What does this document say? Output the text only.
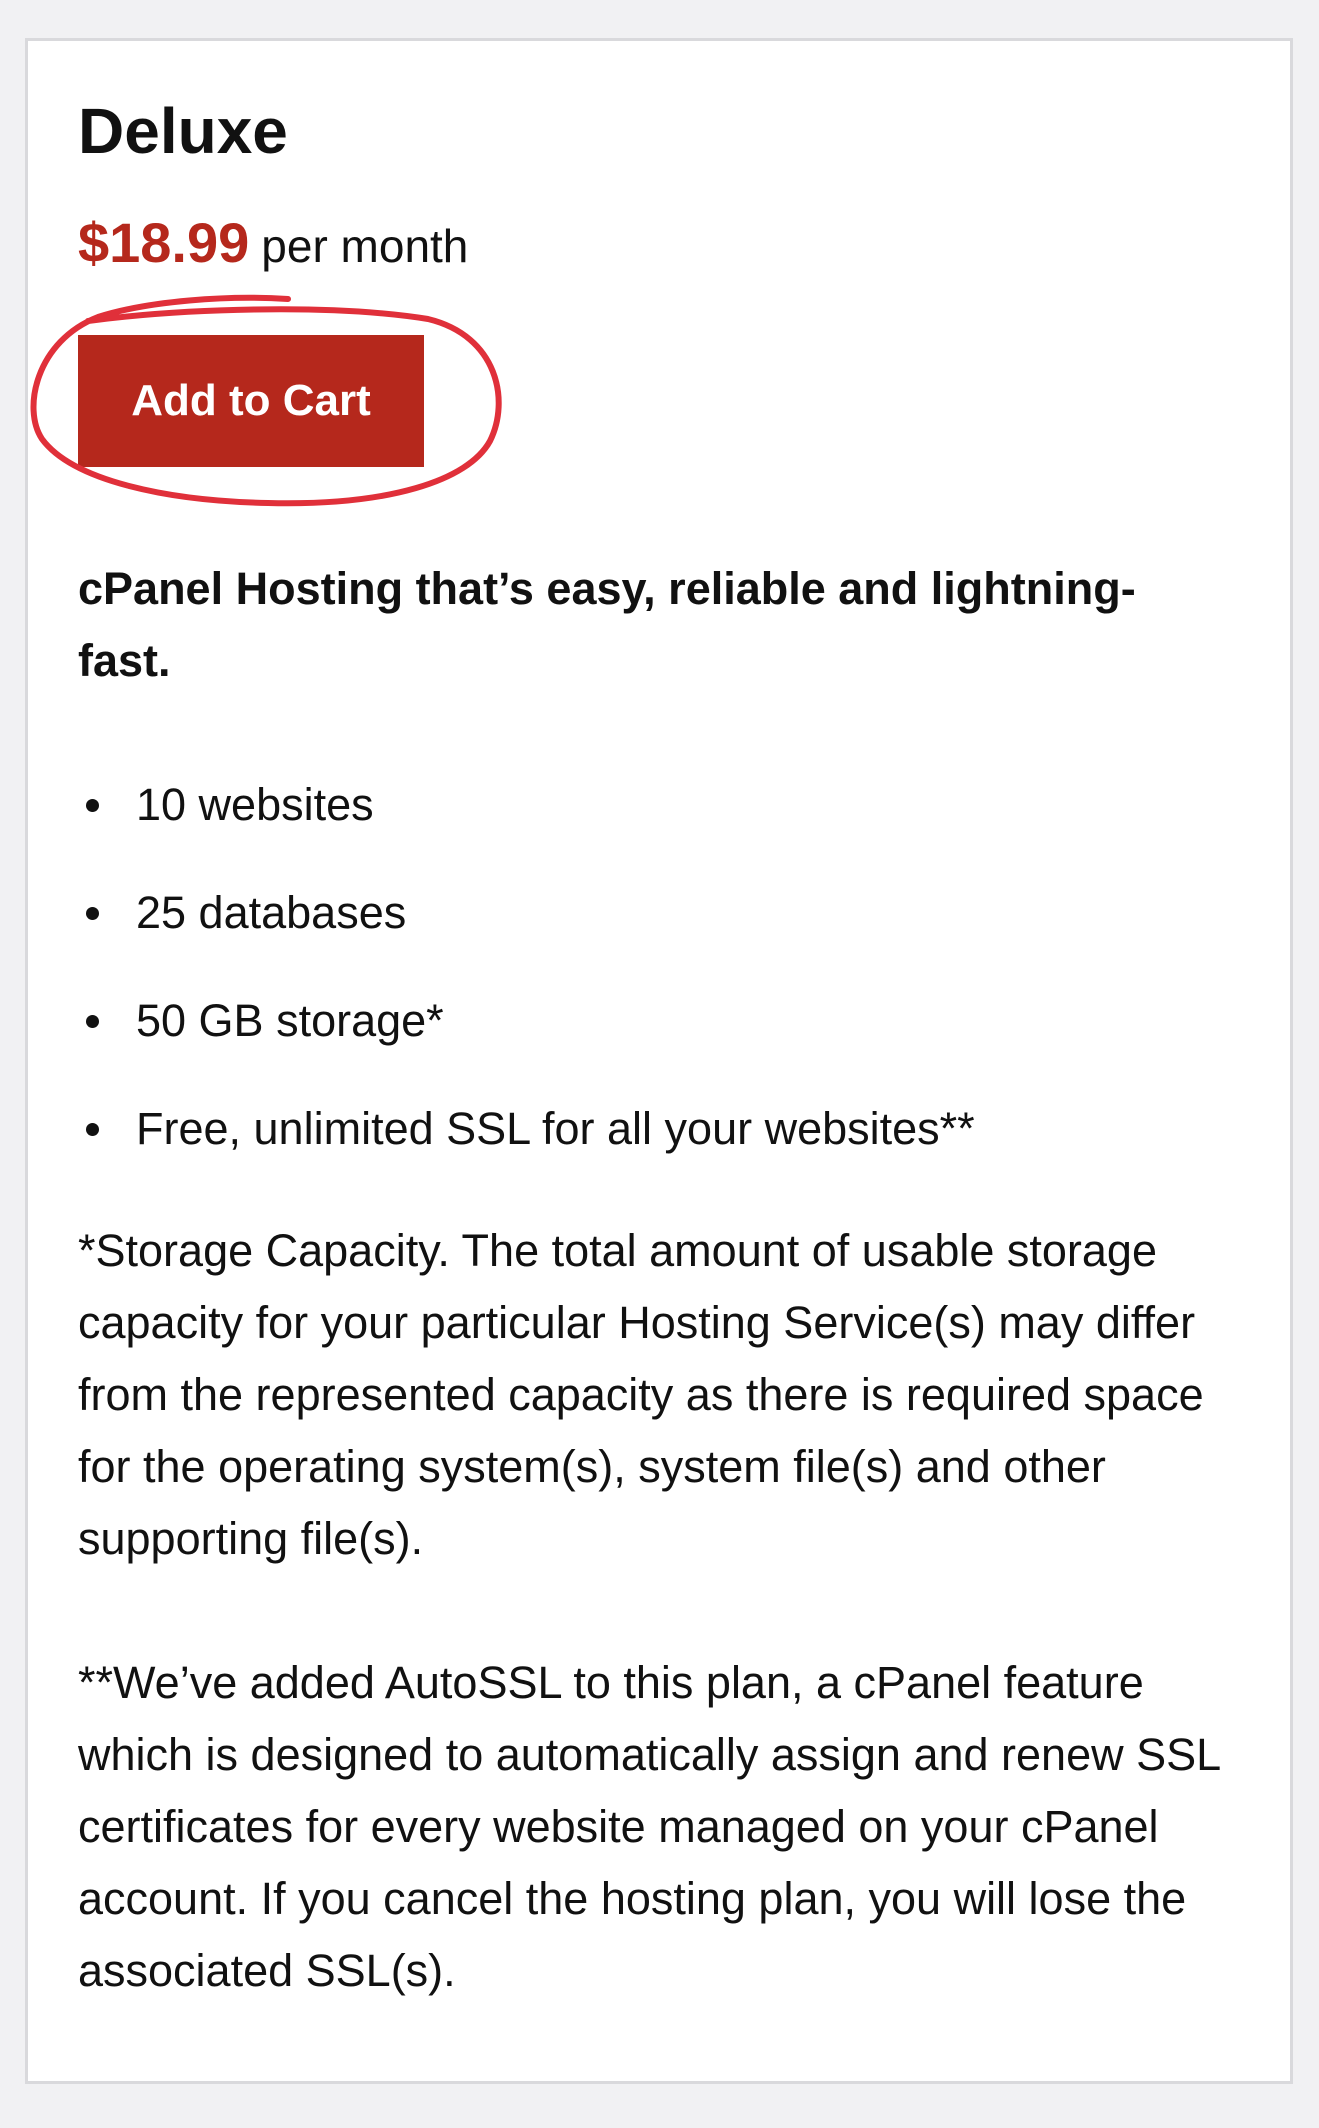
Deluxe
$18.99 per month
Add to Cart

cPanel Hosting that’s easy, reliable and lightning-fast.

10 websites
25 databases
50 GB storage*
Free, unlimited SSL for all your websites**

*Storage Capacity. The total amount of usable storage capacity for your particular Hosting Service(s) may differ from the represented capacity as there is required space for the operating system(s), system file(s) and other supporting file(s).

**We’ve added AutoSSL to this plan, a cPanel feature which is designed to automatically assign and renew SSL certificates for every website managed on your cPanel account. If you cancel the hosting plan, you will lose the associated SSL(s).
